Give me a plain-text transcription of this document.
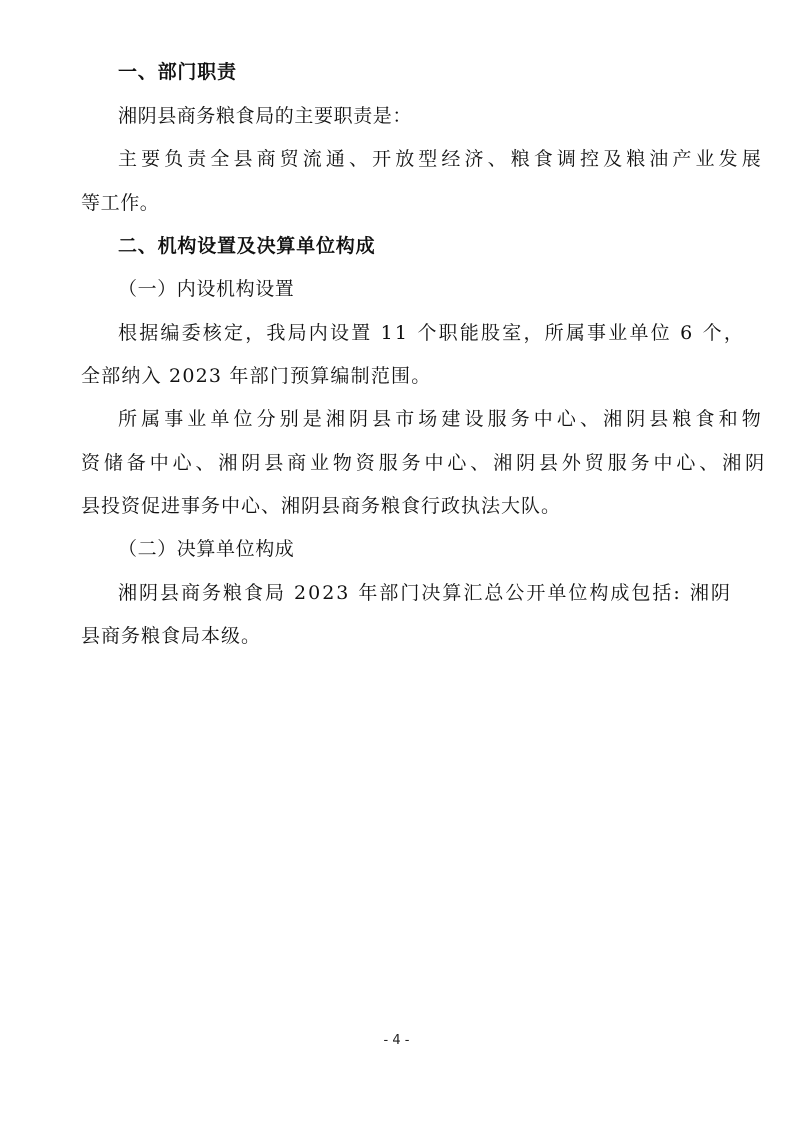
一、部门职责
湘阴县商务粮食局的主要职责是：
主要负责全县商贸流通、开放型经济、粮食调控及粮油产业发展
等工作。
二、机构设置及决算单位构成
（一）内设机构设置
根据编委核定，我局内设置 11 个职能股室，所属事业单位 6 个，
全部纳入 2023 年部门预算编制范围。
所属事业单位分别是湘阴县市场建设服务中心、湘阴县粮食和物
资储备中心、湘阴县商业物资服务中心、湘阴县外贸服务中心、湘阴
县投资促进事务中心、湘阴县商务粮食行政执法大队。
（二）决算单位构成
湘阴县商务粮食局 2023 年部门决算汇总公开单位构成包括: 湘阴
县商务粮食局本级。
- 4 -
